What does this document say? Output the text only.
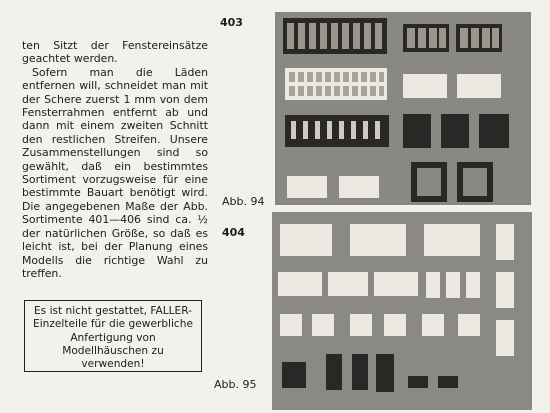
ten Sitzt der Fenstereinsätze geachtet werden.

Sofern man die Läden entfernen will, schneidet man mit der Schere zuerst 1 mm von dem Fensterrahmen entfernt ab und dann mit einem zweiten Schnitt den restlichen Streifen. Unsere Zusammenstellungen sind so gewählt, daß ein bestimmtes Sortiment vorzugsweise für eine bestimmte Bauart benötigt wird. Die angegebenen Maße der Abb. Sortimente 401—406 sind ca. ½ der natürlichen Größe, so daß es leicht ist, bei der Planung eines Modells die richtige Wahl zu treffen.

Es ist nicht gestattet, FALLER-Einzelteile für die gewerbliche Anfertigung von Modellhäuschen zu verwenden!
403
Abb. 94
404
Abb. 95
